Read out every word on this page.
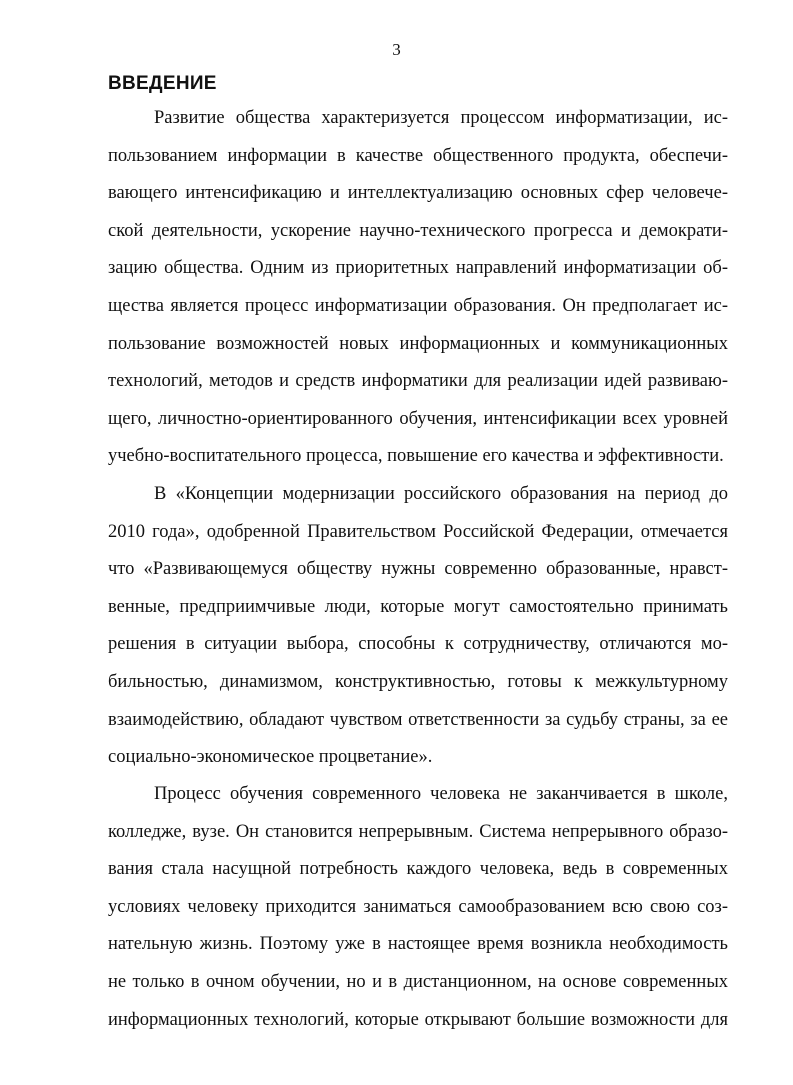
3
ВВЕДЕНИЕ
Развитие общества характеризуется процессом информатизации, ис-
пользованием информации в качестве общественного продукта, обеспечи-
вающего интенсификацию и интеллектуализацию основных сфер человече-
ской деятельности, ускорение научно-технического прогресса и демократи-
зацию общества. Одним из приоритетных направлений информатизации об-
щества является процесс информатизации образования. Он предполагает ис-
пользование возможностей новых информационных и коммуникационных
технологий, методов и средств информатики для реализации идей развиваю-
щего, личностно-ориентированного обучения, интенсификации всех уровней
учебно-воспитательного процесса, повышение его качества и эффективности.
В «Концепции модернизации российского образования на период до
2010 года», одобренной Правительством Российской Федерации, отмечается
что «Развивающемуся обществу нужны современно образованные, нравст-
венные, предприимчивые люди, которые могут самостоятельно принимать
решения в ситуации выбора, способны к сотрудничеству, отличаются мо-
бильностью, динамизмом, конструктивностью, готовы к межкультурному
взаимодействию, обладают чувством ответственности за судьбу страны, за ее
социально-экономическое процветание».
Процесс обучения современного человека не заканчивается в школе,
колледже, вузе. Он становится непрерывным. Система непрерывного образо-
вания стала насущной потребность каждого человека, ведь в современных
условиях человеку приходится заниматься самообразованием всю свою соз-
нательную жизнь. Поэтому уже в настоящее время возникла необходимость
не только в очном обучении, но и в дистанционном, на основе современных
информационных технологий, которые открывают большие возможности для
